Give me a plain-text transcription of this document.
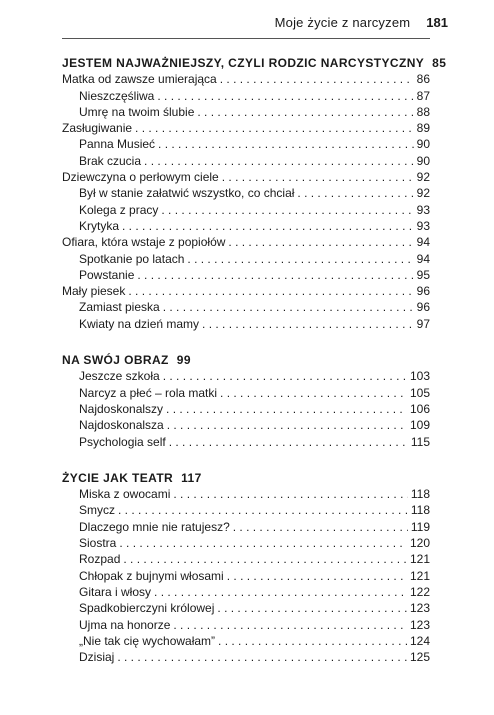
Moje życie z narcyzem 181
JESTEM NAJWAŻNIEJSZY, CZYLI RODZIC NARCYSTYCZNY 85
Matka od zawsze umierająca . . .	86
Nieszczęśliwa . . .	87
Umrę na twoim ślubie . . .	88
Zasługiwanie . . .	89
Panna Musieć . . .	90
Brak czucia . . .	90
Dziewczyna o perłowym ciele . . .	92
Był w stanie załatwić wszystko, co chciał . . .	92
Kolega z pracy . . .	93
Krytyka . . .	93
Ofiara, która wstaje z popiołów . . .	94
Spotkanie po latach . . .	94
Powstanie . . .	95
Mały piesek . . .	96
Zamiast pieska . . .	96
Kwiaty na dzień mamy . . .	97
NA SWÓJ OBRAZ 99
Jeszcze szkoła . . .	103
Narcyz a płeć – rola matki . . .	105
Najdoskonalszy . . .	106
Najdoskonalsza . . .	109
Psychologia self . . .	115
ŻYCIE JAK TEATR 117
Miska z owocami . . .	118
Smycz . . .	118
Dlaczego mnie nie ratujesz? . . .	119
Siostra . . .	120
Rozpad . . .	121
Chłopak z bujnymi włosami . . .	121
Gitara i włosy . . .	122
Spadkobierczyni królowej . . .	123
Ujma na honorze . . .	123
„Nie tak cię wychowałam” . . .	124
Dzisiaj . . .	125
